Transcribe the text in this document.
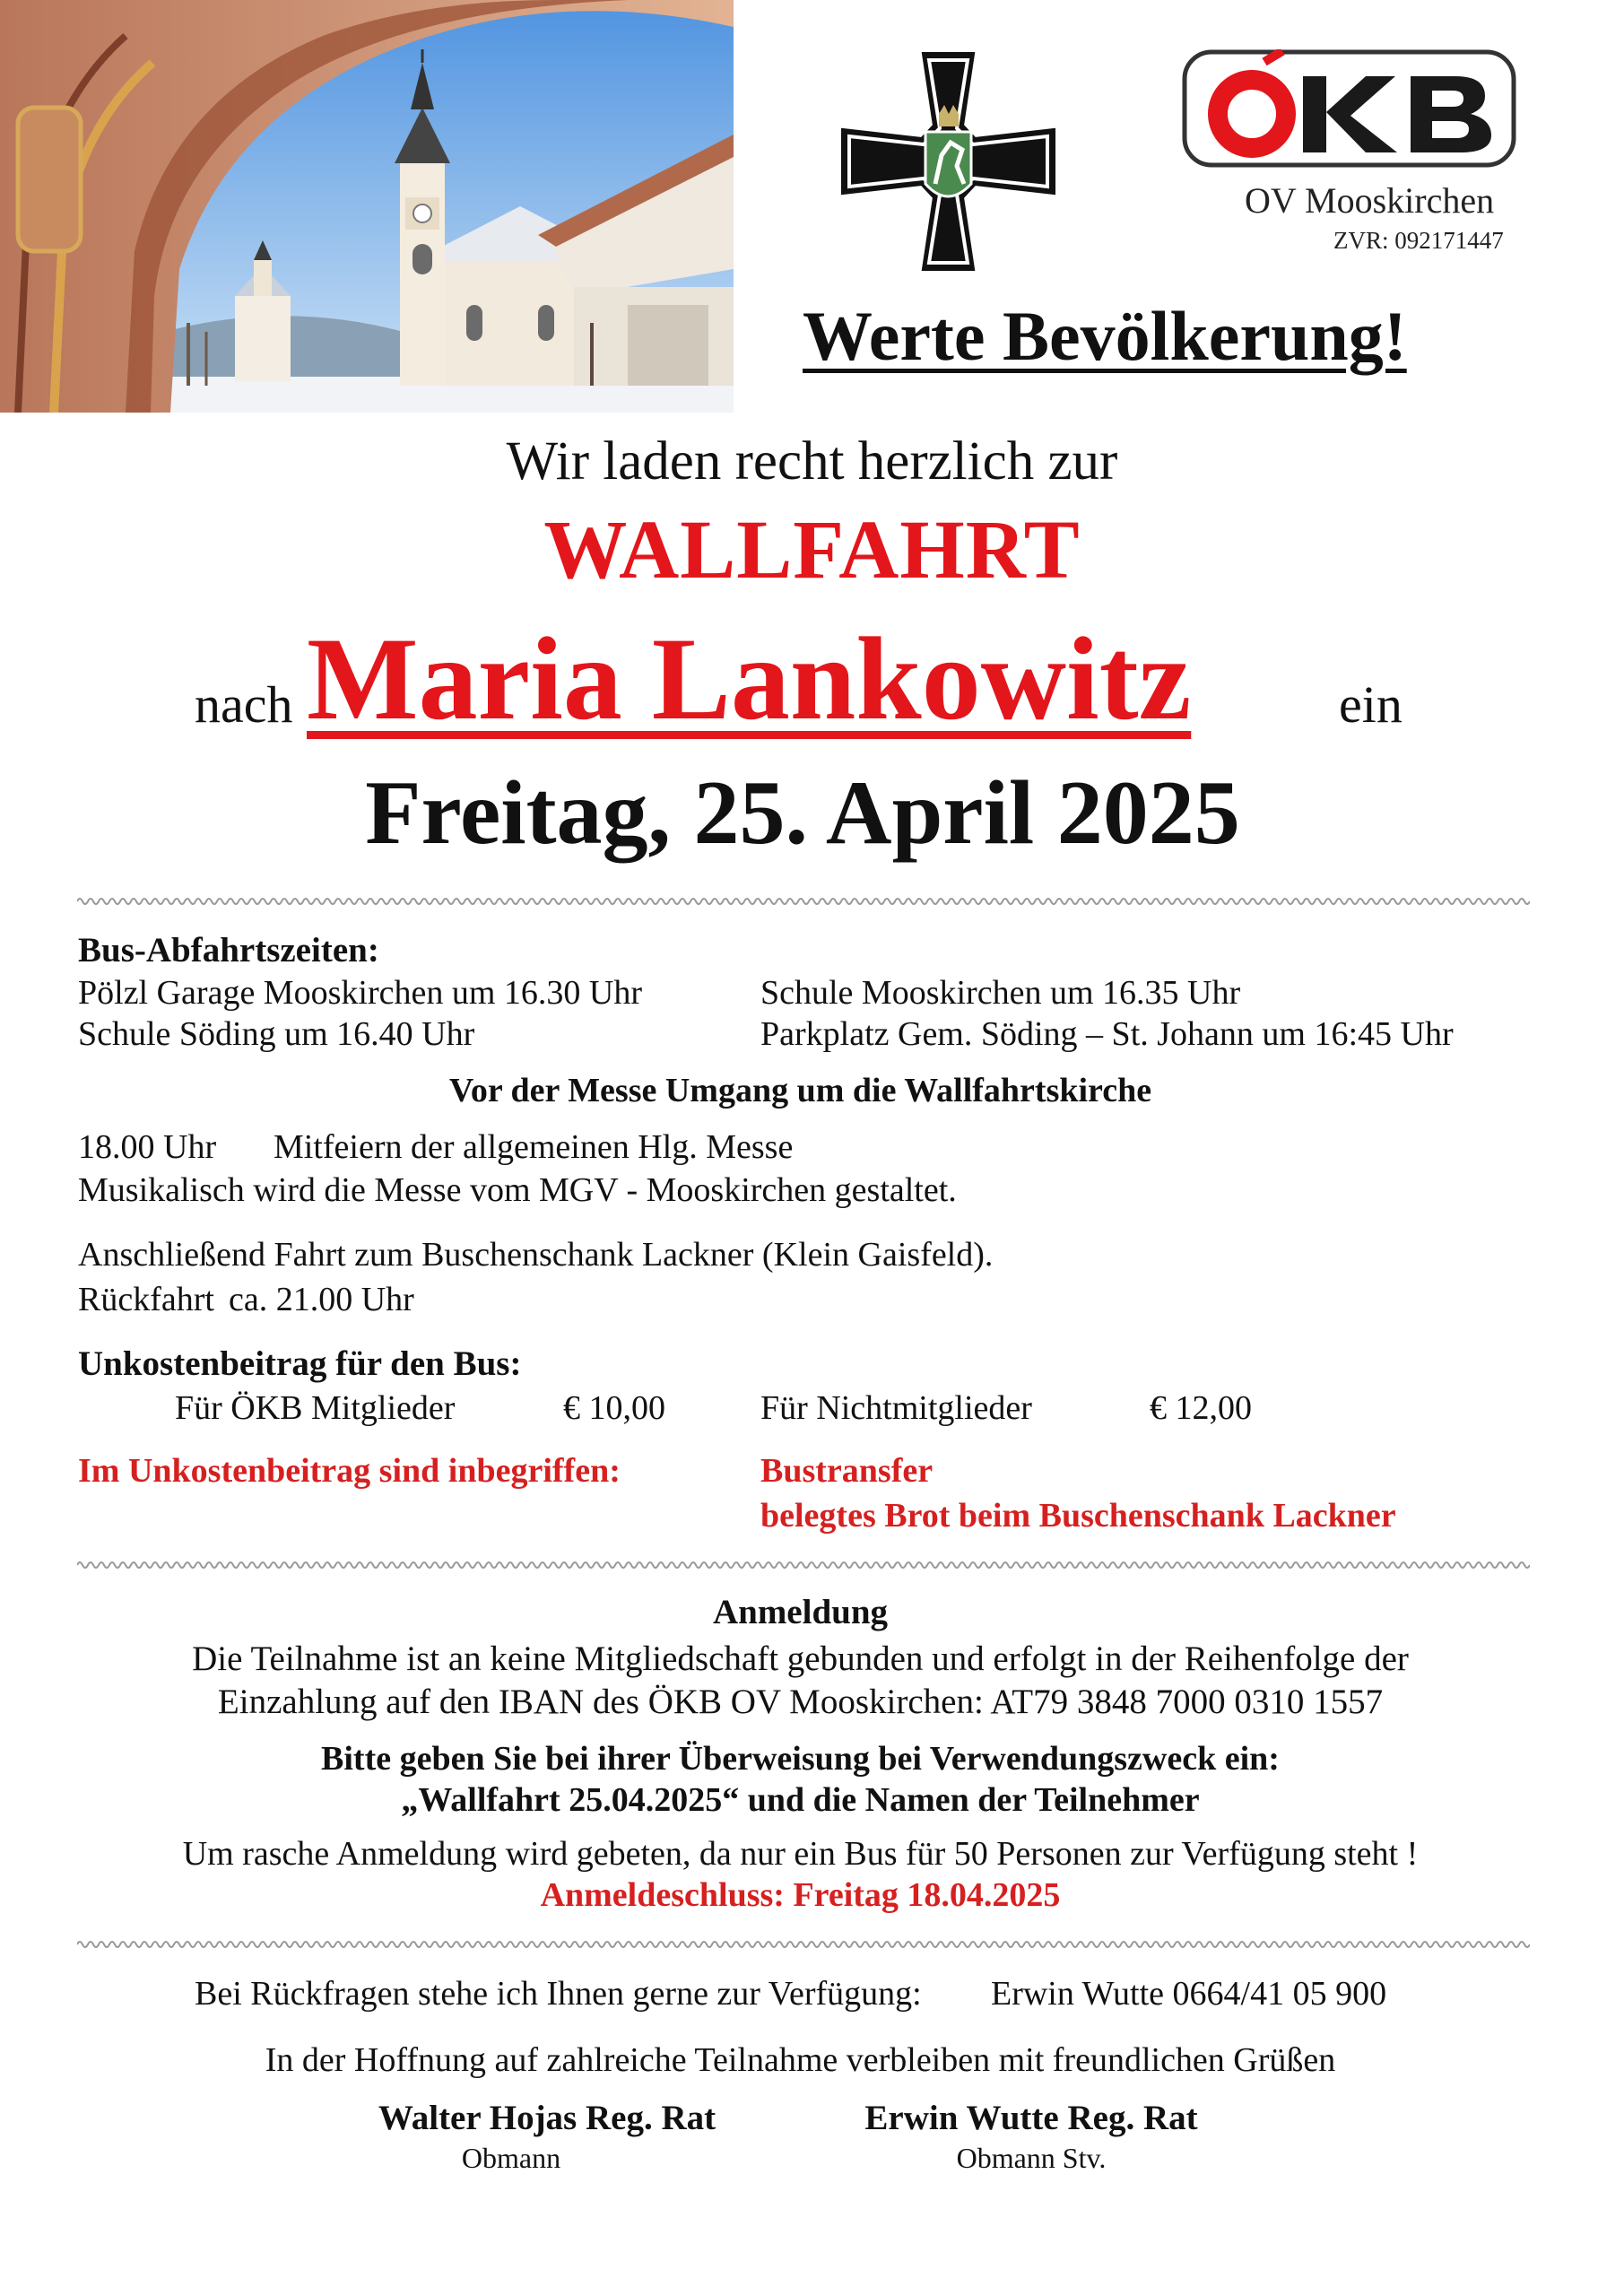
OV Mooskirchen
ZVR: 092171447
Werte Bevölkerung!
Wir laden recht herzlich zur
WALLFAHRT
nach Maria Lankowitz	ein
Freitag, 25. April 2025
Bus-Abfahrtszeiten:
Pölzl Garage Mooskirchen um 16.30 Uhr	Schule Mooskirchen um 16.35 Uhr
Schule Söding um 16.40 Uhr	Parkplatz Gem. Söding – St. Johann um 16:45 Uhr
Vor der Messe Umgang um die Wallfahrtskirche
18.00 Uhr Mitfeiern der allgemeinen Hlg. Messe
Musikalisch wird die Messe vom MGV - Mooskirchen gestaltet.
Anschließend Fahrt zum Buschenschank Lackner (Klein Gaisfeld).
Rückfahrt ca. 21.00 Uhr
Unkostenbeitrag für den Bus:
Für ÖKB Mitglieder	€ 10,00	Für Nichtmitglieder	€ 12,00
Im Unkostenbeitrag sind inbegriffen:	Bustransfer
belegtes Brot beim Buschenschank Lackner
Anmeldung
Die Teilnahme ist an keine Mitgliedschaft gebunden und erfolgt in der Reihenfolge der
Einzahlung auf den IBAN des ÖKB OV Mooskirchen: AT79 3848 7000 0310 1557
Bitte geben Sie bei ihrer Überweisung bei Verwendungszweck ein:
„Wallfahrt 25.04.2025“ und die Namen der Teilnehmer
Um rasche Anmeldung wird gebeten, da nur ein Bus für 50 Personen zur Verfügung steht !
Anmeldeschluss: Freitag 18.04.2025
Bei Rückfragen stehe ich Ihnen gerne zur Verfügung: Erwin Wutte 0664/41 05 900
In der Hoffnung auf zahlreiche Teilnahme verbleiben mit freundlichen Grüßen
Walter Hojas Reg. Rat
Obmann
Erwin Wutte Reg. Rat
Obmann Stv.
